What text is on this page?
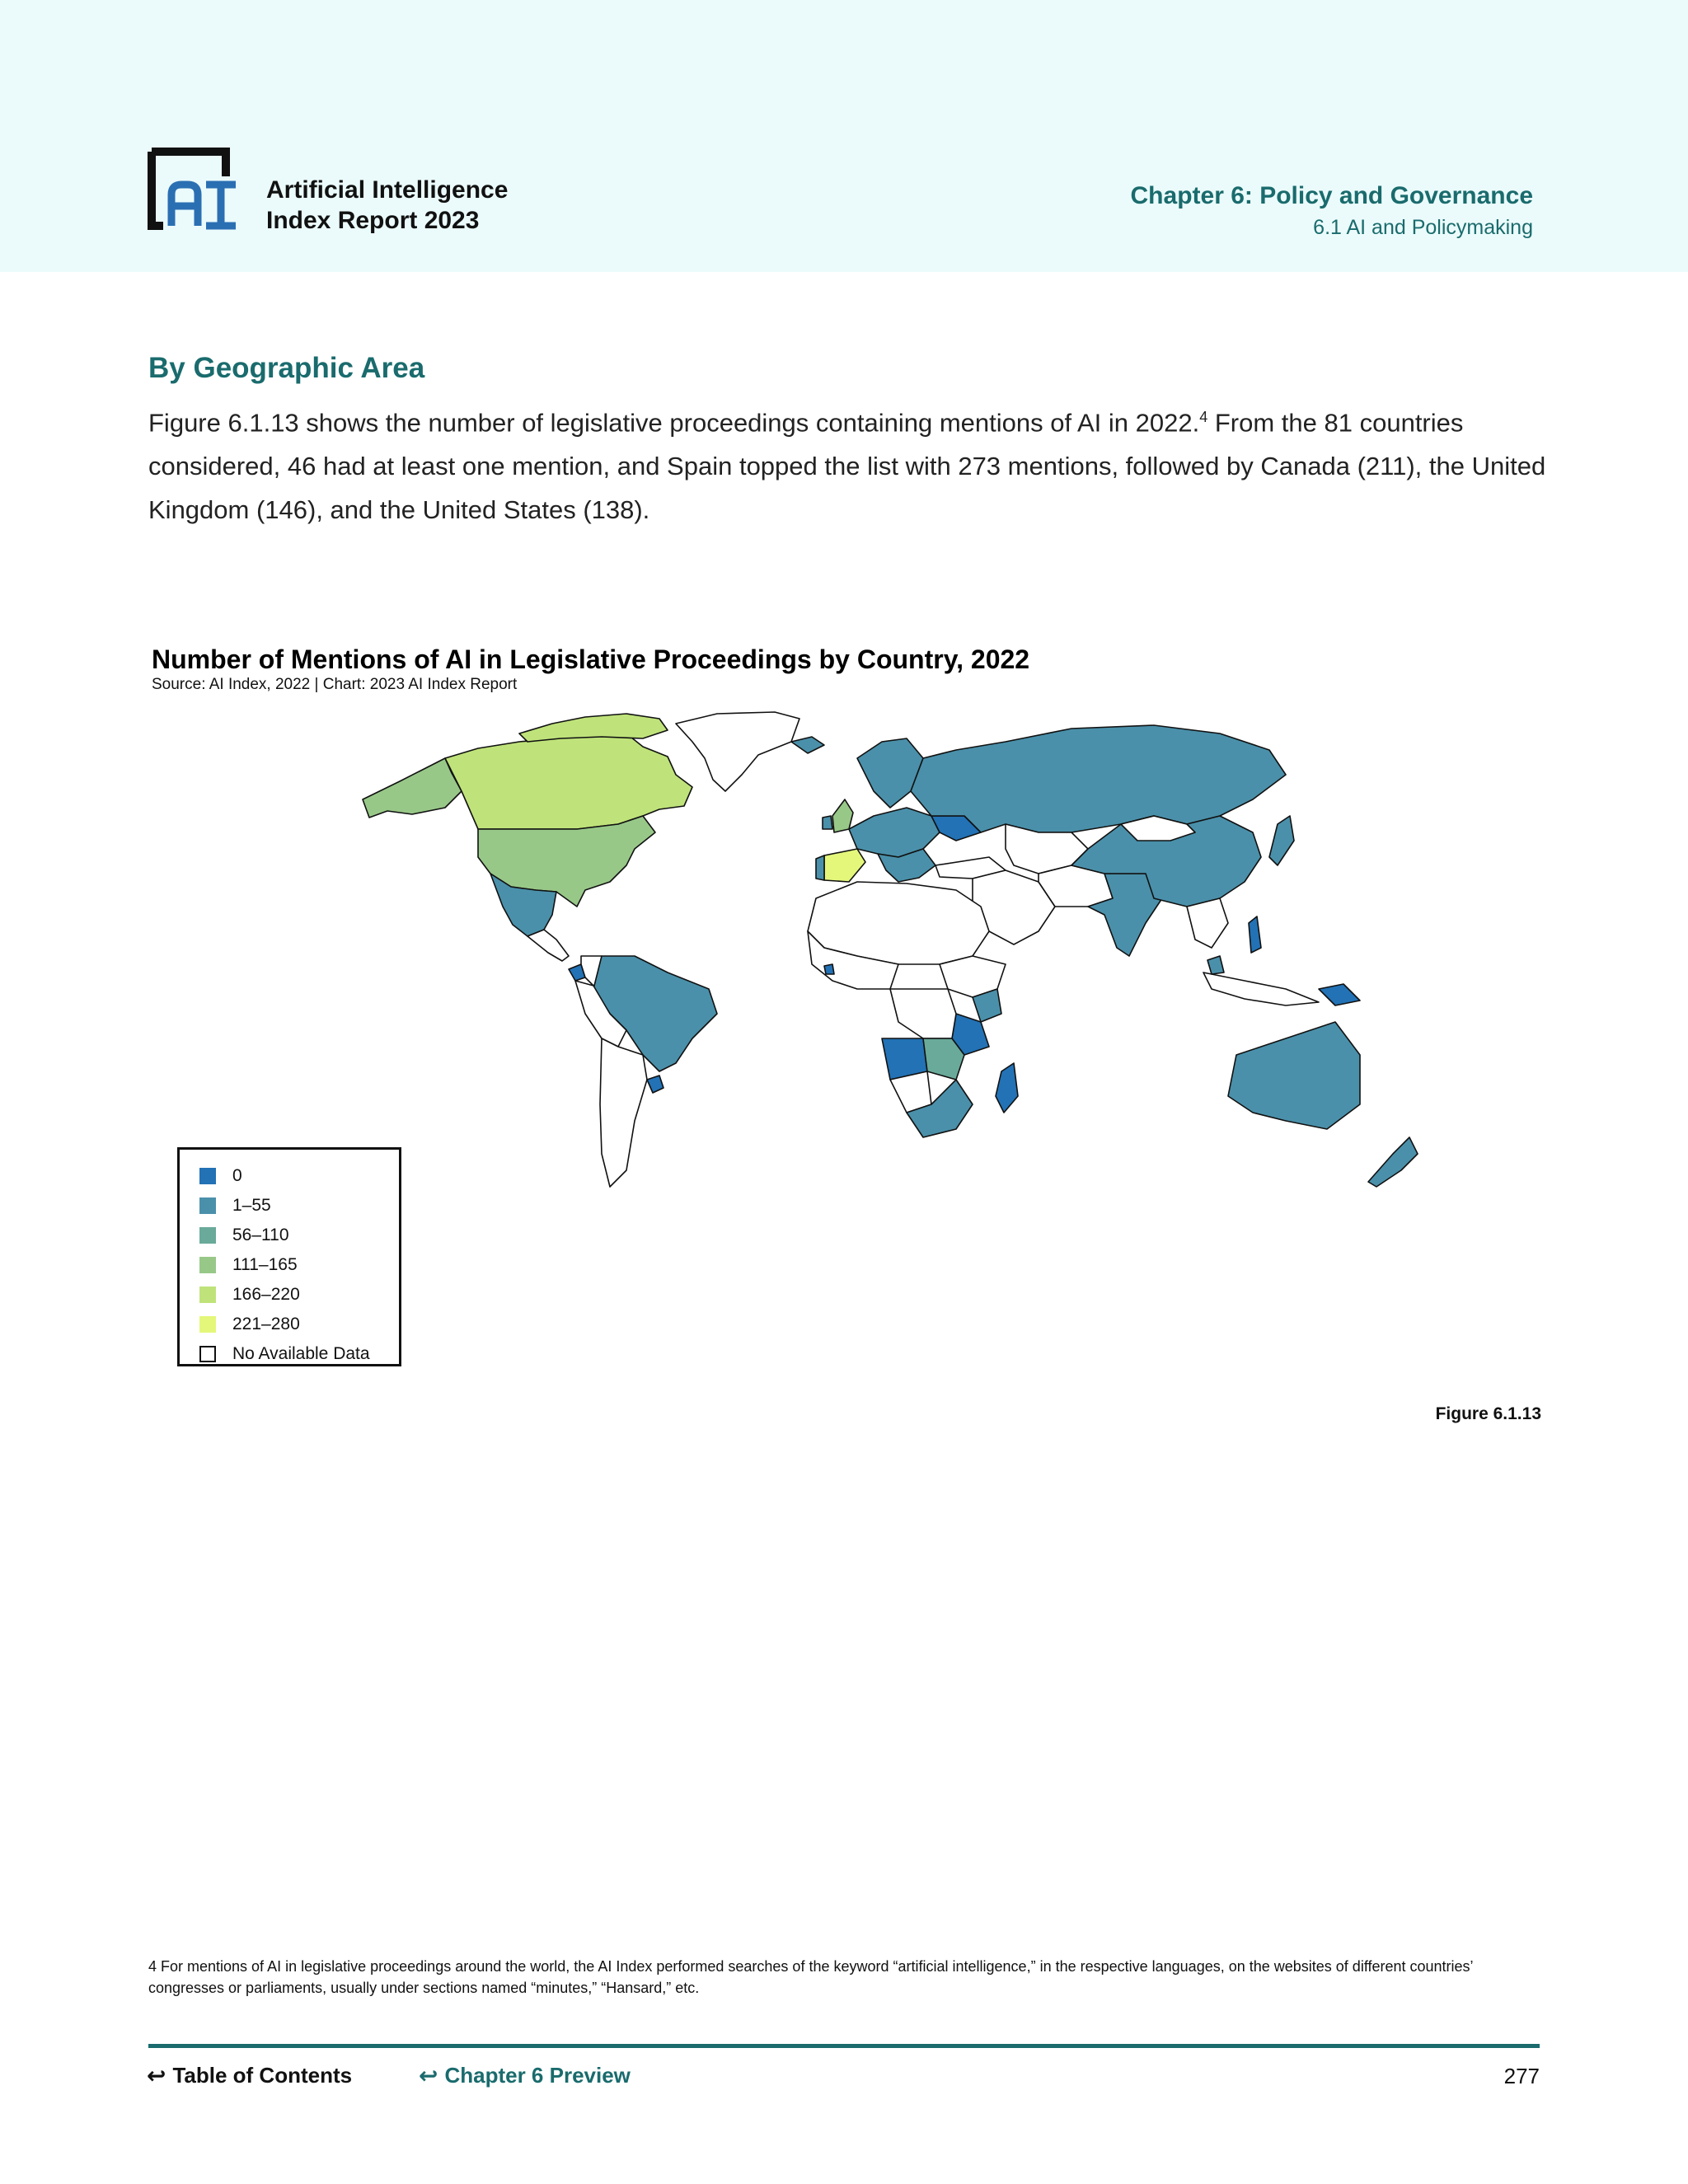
Artificial Intelligence
Index Report 2023
Chapter 6: Policy and Governance
6.1 AI and Policymaking
By Geographic Area
Figure 6.1.13 shows the number of legislative proceedings containing mentions of AI in 2022.$^4$ From the 81 countries considered, 46 had at least one mention, and Spain topped the list with 273 mentions, followed by Canada (211), the United Kingdom (146), and the United States (138).
Number of Mentions of AI in Legislative Proceedings by Country, 2022
Source: AI Index, 2022 | Chart: 2023 AI Index Report
0
1–55
56–110
111–165
166–220
221–280
No Available Data
Figure 6.1.13
4 For mentions of AI in legislative proceedings around the world, the AI Index performed searches of the keyword “artificial intelligence,” in the respective languages, on the websites of different countries’ congresses or parliaments, usually under sections named “minutes,” “Hansard,” etc.
↩ Table of Contents	↩ Chapter 6 Preview	277
